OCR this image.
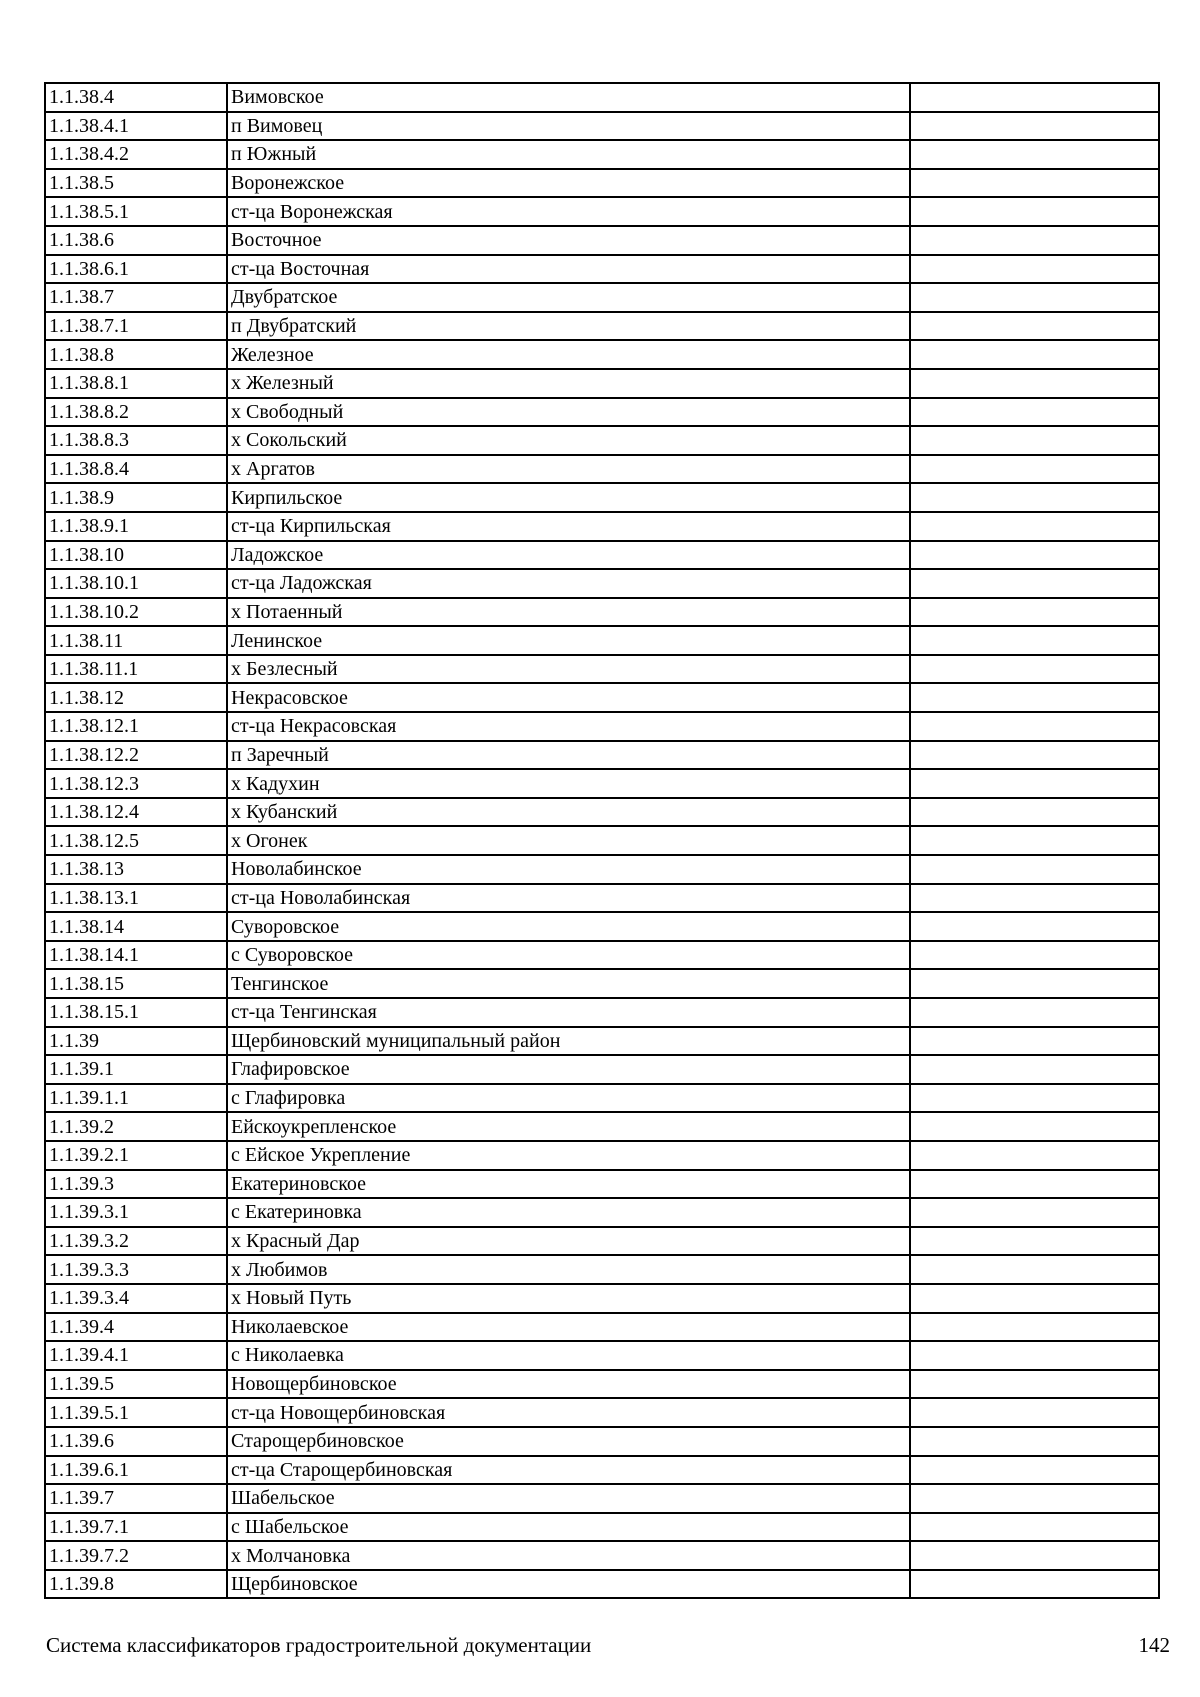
1.1.38.4	Вимовское	
1.1.38.4.1	п Вимовец	
1.1.38.4.2	п Южный	
1.1.38.5	Воронежское	
1.1.38.5.1	ст-ца Воронежская	
1.1.38.6	Восточное	
1.1.38.6.1	ст-ца Восточная	
1.1.38.7	Двубратское	
1.1.38.7.1	п Двубратский	
1.1.38.8	Железное	
1.1.38.8.1	х Железный	
1.1.38.8.2	х Свободный	
1.1.38.8.3	х Сокольский	
1.1.38.8.4	х Аргатов	
1.1.38.9	Кирпильское	
1.1.38.9.1	ст-ца Кирпильская	
1.1.38.10	Ладожское	
1.1.38.10.1	ст-ца Ладожская	
1.1.38.10.2	х Потаенный	
1.1.38.11	Ленинское	
1.1.38.11.1	х Безлесный	
1.1.38.12	Некрасовское	
1.1.38.12.1	ст-ца Некрасовская	
1.1.38.12.2	п Заречный	
1.1.38.12.3	х Кадухин	
1.1.38.12.4	х Кубанский	
1.1.38.12.5	х Огонек	
1.1.38.13	Новолабинское	
1.1.38.13.1	ст-ца Новолабинская	
1.1.38.14	Суворовское	
1.1.38.14.1	с Суворовское	
1.1.38.15	Тенгинское	
1.1.38.15.1	ст-ца Тенгинская	
1.1.39	Щербиновский муниципальный район	
1.1.39.1	Глафировское	
1.1.39.1.1	с Глафировка	
1.1.39.2	Ейскоукрепленское	
1.1.39.2.1	с Ейское Укрепление	
1.1.39.3	Екатериновское	
1.1.39.3.1	с Екатериновка	
1.1.39.3.2	х Красный Дар	
1.1.39.3.3	х Любимов	
1.1.39.3.4	х Новый Путь	
1.1.39.4	Николаевское	
1.1.39.4.1	с Николаевка	
1.1.39.5	Новощербиновское	
1.1.39.5.1	ст-ца Новощербиновская	
1.1.39.6	Старощербиновское	
1.1.39.6.1	ст-ца Старощербиновская	
1.1.39.7	Шабельское	
1.1.39.7.1	с Шабельское	
1.1.39.7.2	х Молчановка	
1.1.39.8	Щербиновское	
Система классификаторов градостроительной документации	142
